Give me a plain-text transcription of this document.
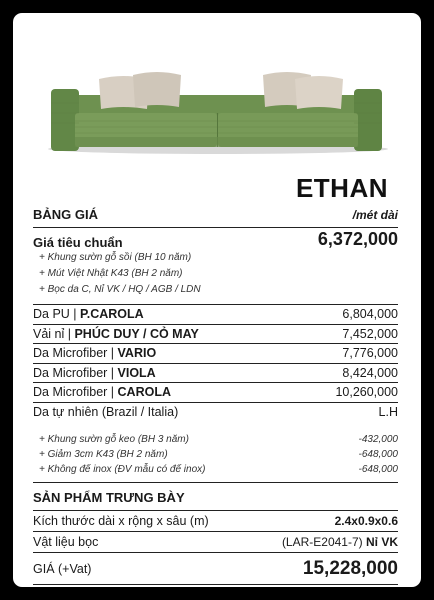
ETHAN
BẢNG GIÁ	/mét dài
Giá tiêu chuẩn	6,372,000
+ Khung sườn gỗ sồi (BH 10 năm)
+ Mút Việt Nhật K43 (BH 2 năm)
+ Bọc da C, Nỉ VK / HQ / AGB / LDN
Da PU | P.CAROLA	6,804,000
Vải nỉ | PHÚC DUY / CỎ MAY	7,452,000
Da Microfiber | VARIO	7,776,000
Da Microfiber | VIOLA	8,424,000
Da Microfiber | CAROLA	10,260,000
Da tự nhiên (Brazil / Italia)	L.H
+ Khung sườn gỗ keo (BH 3 năm)	-432,000
+ Giảm 3cm K43 (BH 2 năm)	-648,000
+ Không đế inox (ĐV mẫu có đế inox)	-648,000
SẢN PHẨM TRƯNG BÀY
Kích thước dài x rộng x sâu (m)	2.4x0.9x0.6
Vật liệu bọc	(LAR-E2041-7) Nỉ VK
GIÁ (+Vat)	15,228,000
